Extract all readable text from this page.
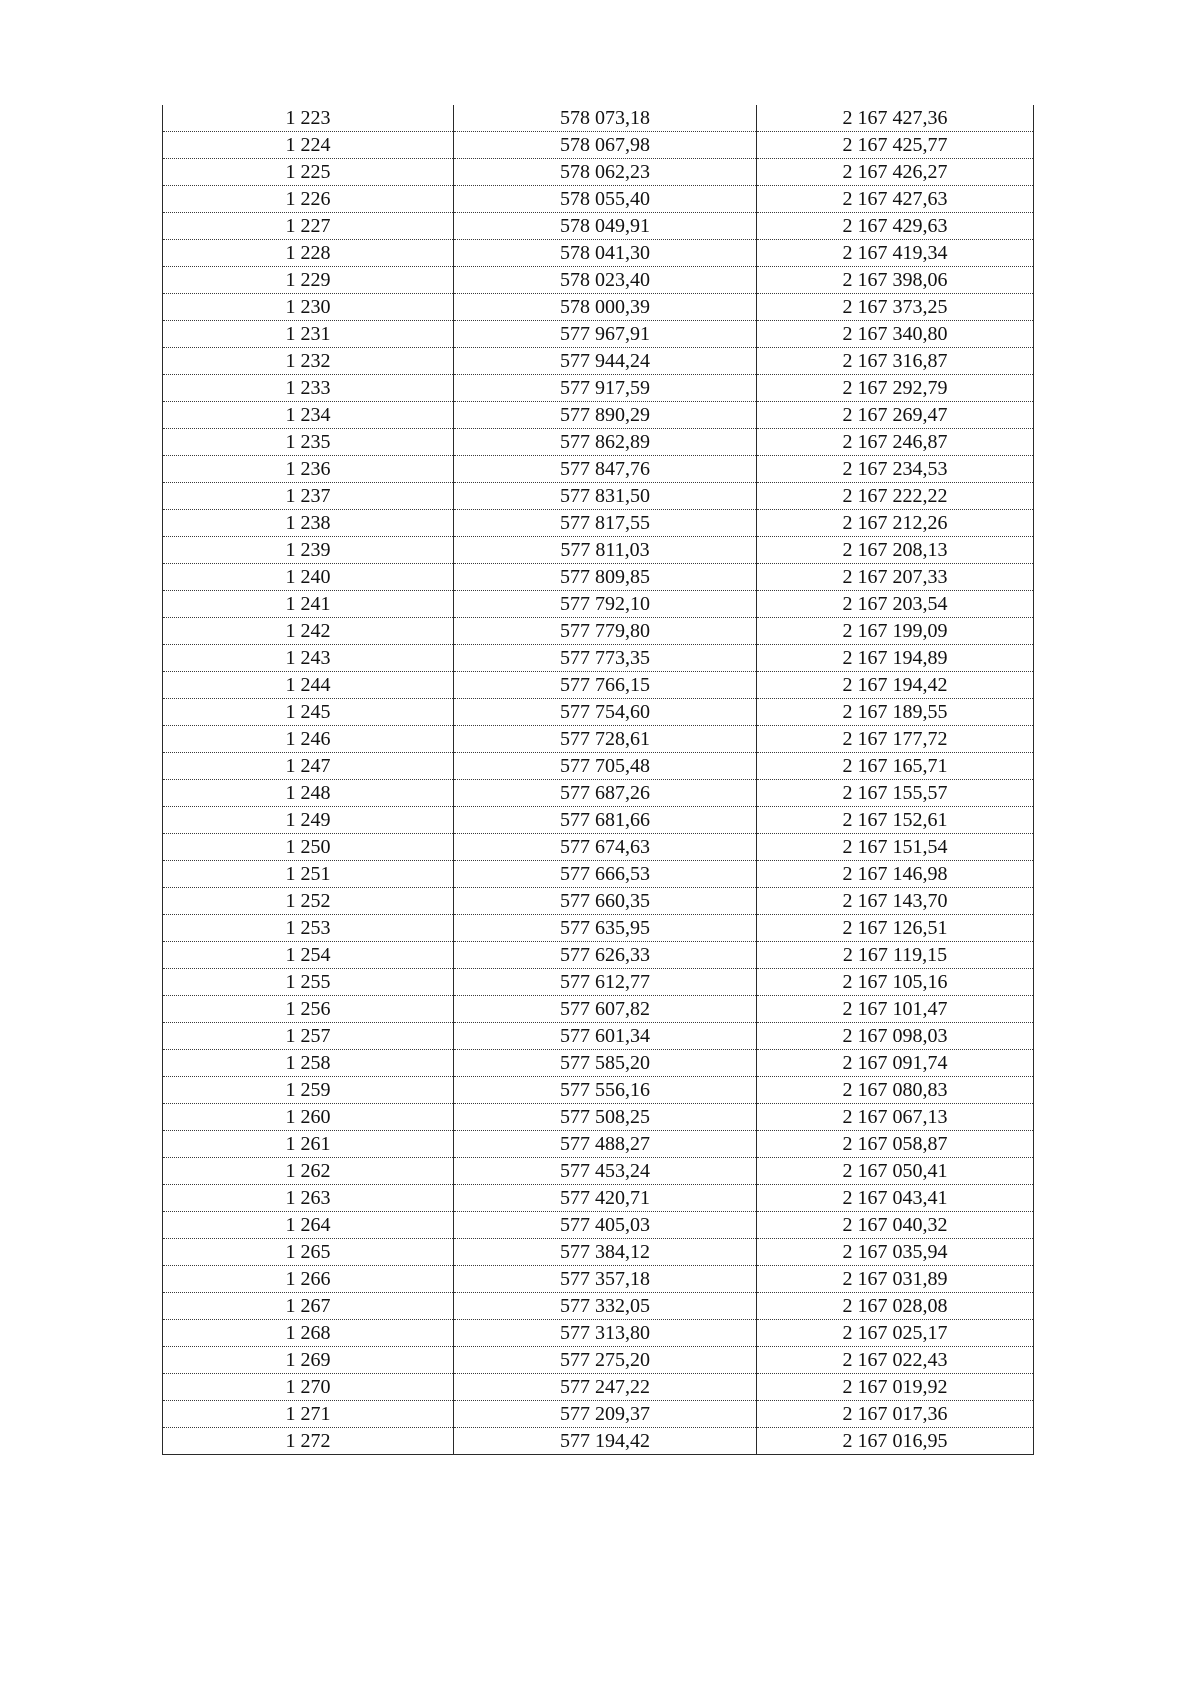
1 223	578 073,18	2 167 427,36
1 224	578 067,98	2 167 425,77
1 225	578 062,23	2 167 426,27
1 226	578 055,40	2 167 427,63
1 227	578 049,91	2 167 429,63
1 228	578 041,30	2 167 419,34
1 229	578 023,40	2 167 398,06
1 230	578 000,39	2 167 373,25
1 231	577 967,91	2 167 340,80
1 232	577 944,24	2 167 316,87
1 233	577 917,59	2 167 292,79
1 234	577 890,29	2 167 269,47
1 235	577 862,89	2 167 246,87
1 236	577 847,76	2 167 234,53
1 237	577 831,50	2 167 222,22
1 238	577 817,55	2 167 212,26
1 239	577 811,03	2 167 208,13
1 240	577 809,85	2 167 207,33
1 241	577 792,10	2 167 203,54
1 242	577 779,80	2 167 199,09
1 243	577 773,35	2 167 194,89
1 244	577 766,15	2 167 194,42
1 245	577 754,60	2 167 189,55
1 246	577 728,61	2 167 177,72
1 247	577 705,48	2 167 165,71
1 248	577 687,26	2 167 155,57
1 249	577 681,66	2 167 152,61
1 250	577 674,63	2 167 151,54
1 251	577 666,53	2 167 146,98
1 252	577 660,35	2 167 143,70
1 253	577 635,95	2 167 126,51
1 254	577 626,33	2 167 119,15
1 255	577 612,77	2 167 105,16
1 256	577 607,82	2 167 101,47
1 257	577 601,34	2 167 098,03
1 258	577 585,20	2 167 091,74
1 259	577 556,16	2 167 080,83
1 260	577 508,25	2 167 067,13
1 261	577 488,27	2 167 058,87
1 262	577 453,24	2 167 050,41
1 263	577 420,71	2 167 043,41
1 264	577 405,03	2 167 040,32
1 265	577 384,12	2 167 035,94
1 266	577 357,18	2 167 031,89
1 267	577 332,05	2 167 028,08
1 268	577 313,80	2 167 025,17
1 269	577 275,20	2 167 022,43
1 270	577 247,22	2 167 019,92
1 271	577 209,37	2 167 017,36
1 272	577 194,42	2 167 016,95
